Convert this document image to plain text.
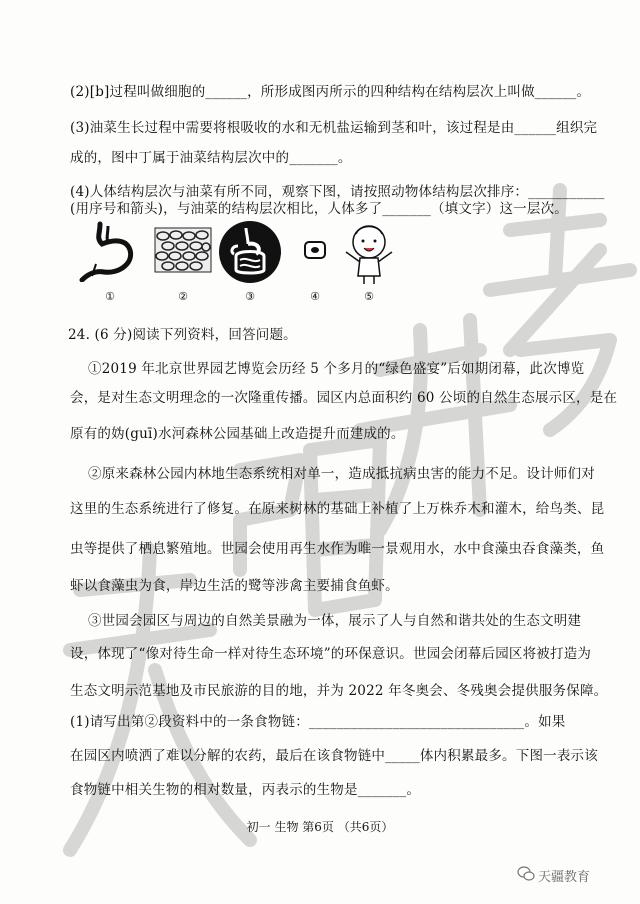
(2)[b]过程叫做细胞的______，所形成图丙所示的四种结构在结构层次上叫做______。
(3)油菜生长过程中需要将根吸收的水和无机盐运输到茎和叶，该过程是由______组织完
成的，图中丁属于油菜结构层次中的_______。
(4)人体结构层次与油菜有所不同，观察下图，请按照动物体结构层次排序：___________
(用序号和箭头)，与油菜的结构层次相比，人体多了_______（填文字）这一层次。
①	②	③	④	⑤
24. (6 分)阅读下列资料，回答问题。
①2019 年北京世界园艺博览会历经 5 个多月的“绿色盛宴”后如期闭幕，此次博览
会，是对生态文明理念的一次隆重传播。园区内总面积约 60 公顷的自然生态展示区，是在
原有的妫(guī)水河森林公园基础上改造提升而建成的。
②原来森林公园内林地生态系统相对单一，造成抵抗病虫害的能力不足。设计师们对
这里的生态系统进行了修复。在原来树林的基础上补植了上万株乔木和灌木，给鸟类、昆
虫等提供了栖息繁殖地。世园会使用再生水作为唯一景观用水，水中食藻虫吞食藻类，鱼
虾以食藻虫为食，岸边生活的鹭等涉禽主要捕食鱼虾。
③世园会园区与周边的自然美景融为一体，展示了人与自然和谐共处的生态文明建
设，体现了“像对待生命一样对待生态环境”的环保意识。世园会闭幕后园区将被打造为
生态文明示范基地及市民旅游的目的地，并为 2022 年冬奥会、冬残奥会提供服务保障。
(1)请写出第②段资料中的一条食物链：_______________________________。如果
在园区内喷洒了难以分解的农药，最后在该食物链中_____体内积累最多。下图一表示该
食物链中相关生物的相对数量，丙表示的生物是_______。
初一 生物 第6页 （共6页）
天疆教育
